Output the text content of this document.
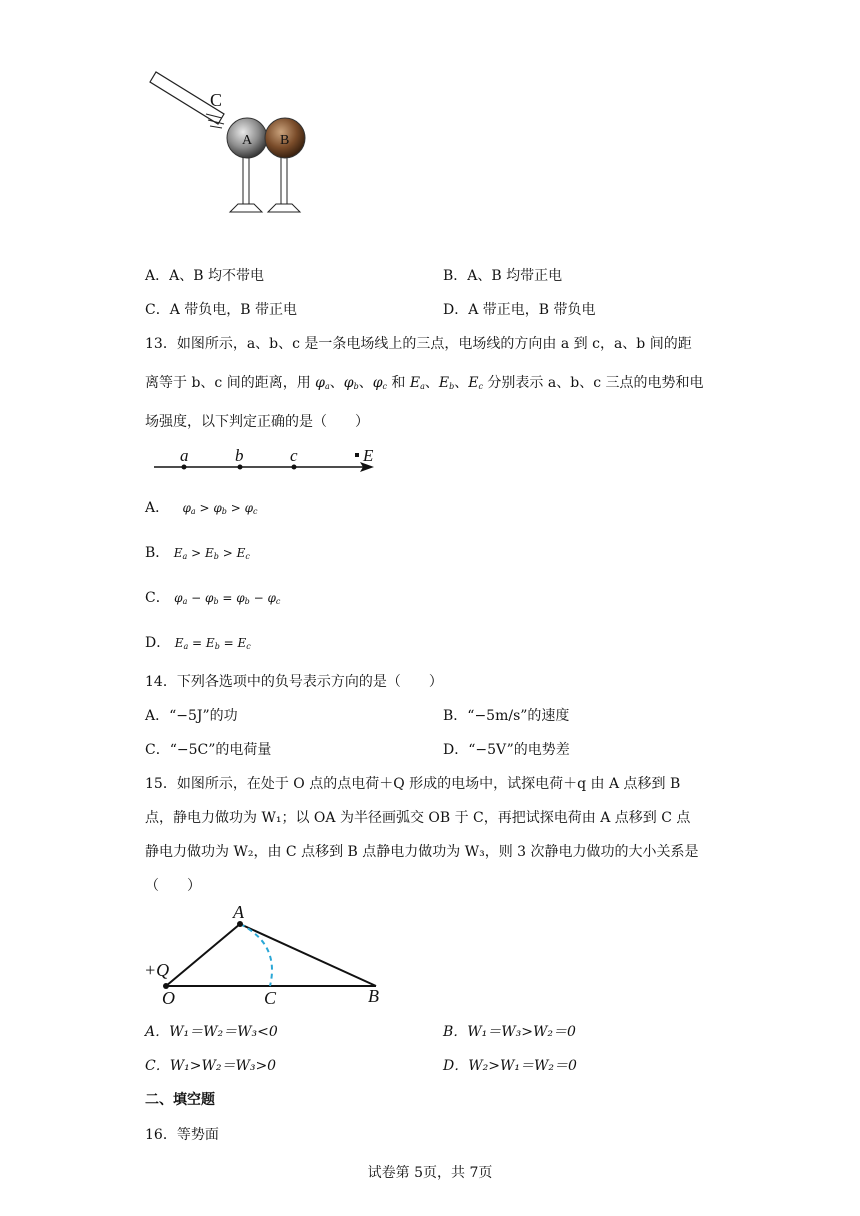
C
A B
A．A、B 均不带电	B．A、B 均带正电
C．A 带负电，B 带正电	D．A 带正电，B 带负电
13．如图所示，a、b、c 是一条电场线上的三点，电场线的方向由 a 到 c，a、b 间的距
离等于 b、c 间的距离，用 $\varphi_a$、$\varphi_b$、$\varphi_c$ 和 $E_a$、$E_b$、$E_c$ 分别表示 a、b、c 三点的电势和电
场强度，以下判定正确的是（　　）
a	b	c	E
A． $\varphi_a > \varphi_b > \varphi_c$
B． $E_a > E_b > E_c$
C． $\varphi_a - \varphi_b = \varphi_b - \varphi_c$
D． $E_a = E_b = E_c$
14．下列各选项中的负号表示方向的是（　　）
A．“−5J”的功	B．“−5m/s”的速度
C．“−5C”的电荷量	D．“−5V”的电势差
15．如图所示，在处于 O 点的点电荷＋Q 形成的电场中，试探电荷＋q 由 A 点移到 B
点，静电力做功为 W₁；以 OA 为半径画弧交 OB 于 C，再把试探电荷由 A 点移到 C 点
静电力做功为 W₂，由 C 点移到 B 点静电力做功为 W₃，则 3 次静电力做功的大小关系是
（　　）
A
+Q
O	C	B
A．W₁＝W₂＝W₃<0	B．W₁＝W₃>W₂＝0
C．W₁>W₂＝W₃>0	D．W₂>W₁＝W₂＝0
二、填空题
16．等势面
试卷第 5页，共 7页
